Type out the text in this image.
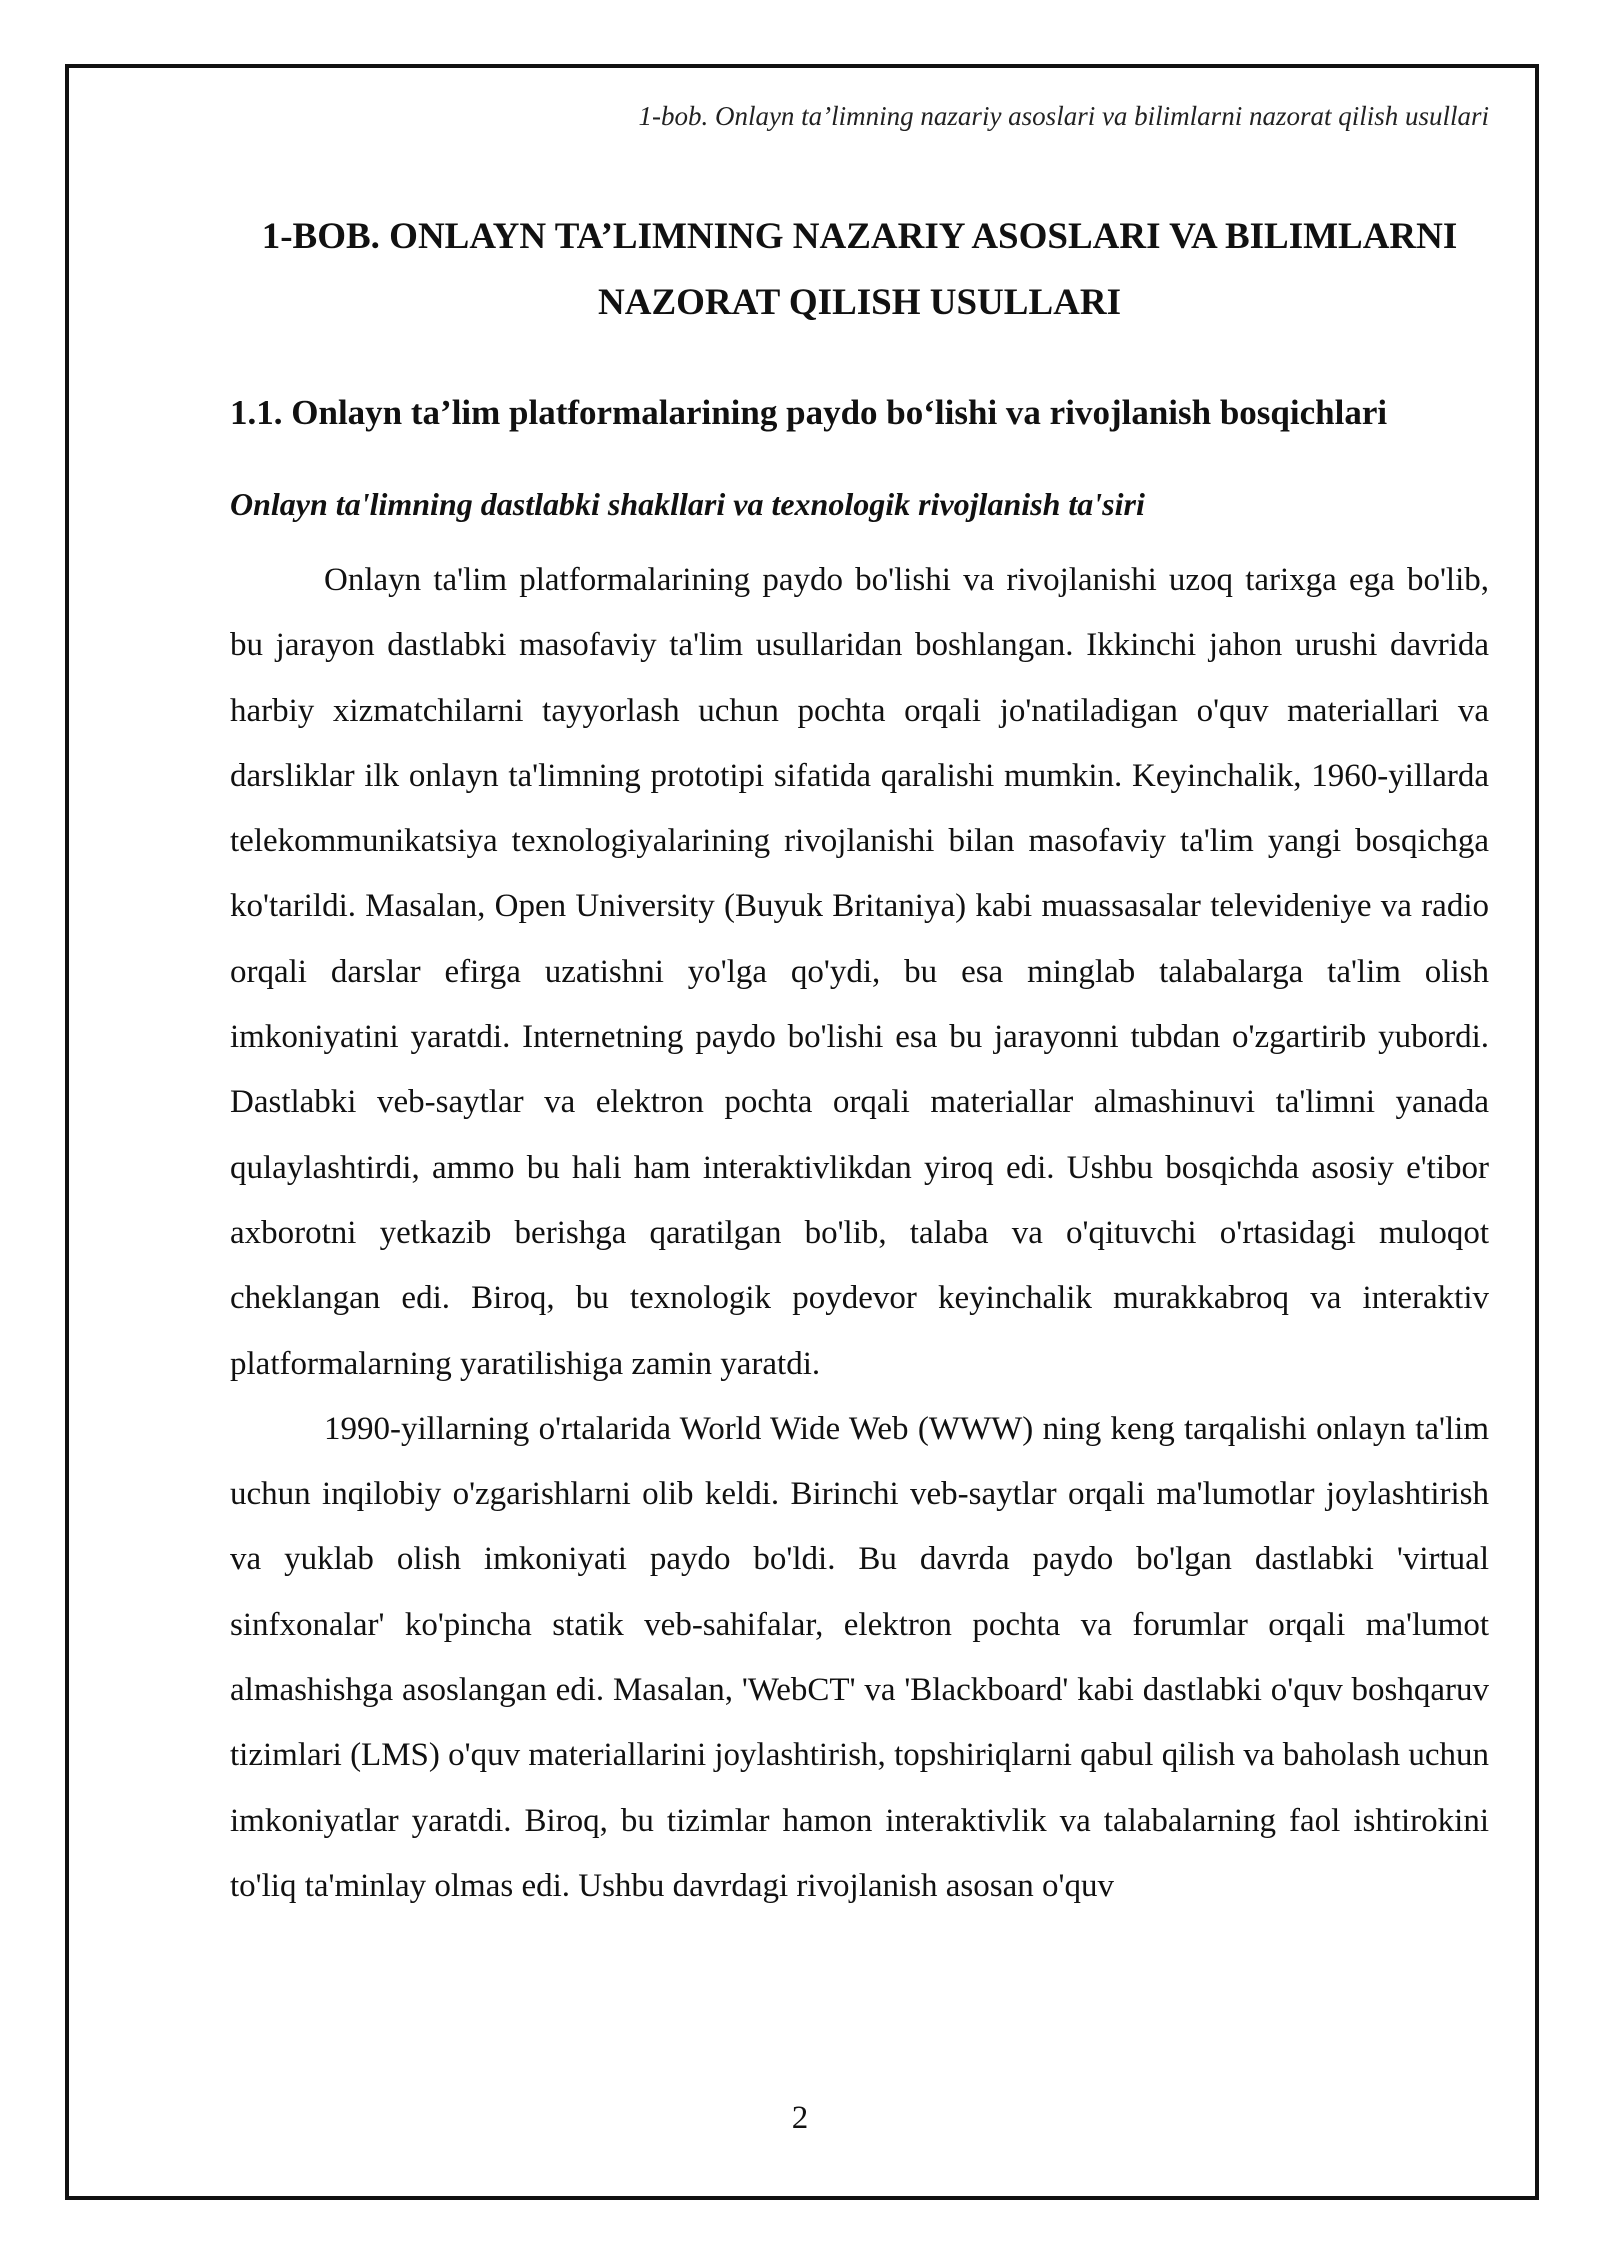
1-bob. Onlayn ta’limning nazariy asoslari va bilimlarni nazorat qilish usullari
1-BOB. ONLAYN TA’LIMNING NAZARIY ASOSLARI VA BILIMLARNI
NAZORAT QILISH USULLARI
1.1. Onlayn ta’lim platformalarining paydo bo‘lishi va rivojlanish bosqichlari
Onlayn ta'limning dastlabki shakllari va texnologik rivojlanish ta'siri

Onlayn ta'lim platformalarining paydo bo'lishi va rivojlanishi uzoq tarixga ega bo'lib, bu jarayon dastlabki masofaviy ta'lim usullaridan boshlangan. Ikkinchi jahon urushi davrida harbiy xizmatchilarni tayyorlash uchun pochta orqali jo'natiladigan o'quv materiallari va darsliklar ilk onlayn ta'limning prototipi sifatida qaralishi mumkin. Keyinchalik, 1960-yillarda telekommunikatsiya texnologiyalarining rivojlanishi bilan masofaviy ta'lim yangi bosqichga ko'tarildi. Masalan, Open University (Buyuk Britaniya) kabi muassasalar televideniye va radio orqali darslar efirga uzatishni yo'lga qo'ydi, bu esa minglab talabalarga ta'lim olish imkoniyatini yaratdi. Internetning paydo bo'lishi esa bu jarayonni tubdan o'zgartirib yubordi. Dastlabki veb-saytlar va elektron pochta orqali materiallar almashinuvi ta'limni yanada qulaylashtirdi, ammo bu hali ham interaktivlikdan yiroq edi. Ushbu bosqichda asosiy e'tibor axborotni yetkazib berishga qaratilgan bo'lib, talaba va o'qituvchi o'rtasidagi muloqot cheklangan edi. Biroq, bu texnologik poydevor keyinchalik murakkabroq va interaktiv platformalarning yaratilishiga zamin yaratdi.

1990-yillarning o'rtalarida World Wide Web (WWW) ning keng tarqalishi onlayn ta'lim uchun inqilobiy o'zgarishlarni olib keldi. Birinchi veb-saytlar orqali ma'lumotlar joylashtirish va yuklab olish imkoniyati paydo bo'ldi. Bu davrda paydo bo'lgan dastlabki 'virtual sinfxonalar' ko'pincha statik veb-sahifalar, elektron pochta va forumlar orqali ma'lumot almashishga asoslangan edi. Masalan, 'WebCT' va 'Blackboard' kabi dastlabki o'quv boshqaruv tizimlari (LMS) o'quv materiallarini joylashtirish, topshiriqlarni qabul qilish va baholash uchun imkoniyatlar yaratdi. Biroq, bu tizimlar hamon interaktivlik va talabalarning faol ishtirokini to'liq ta'minlay olmas edi. Ushbu davrdagi rivojlanish asosan o'quv

2
